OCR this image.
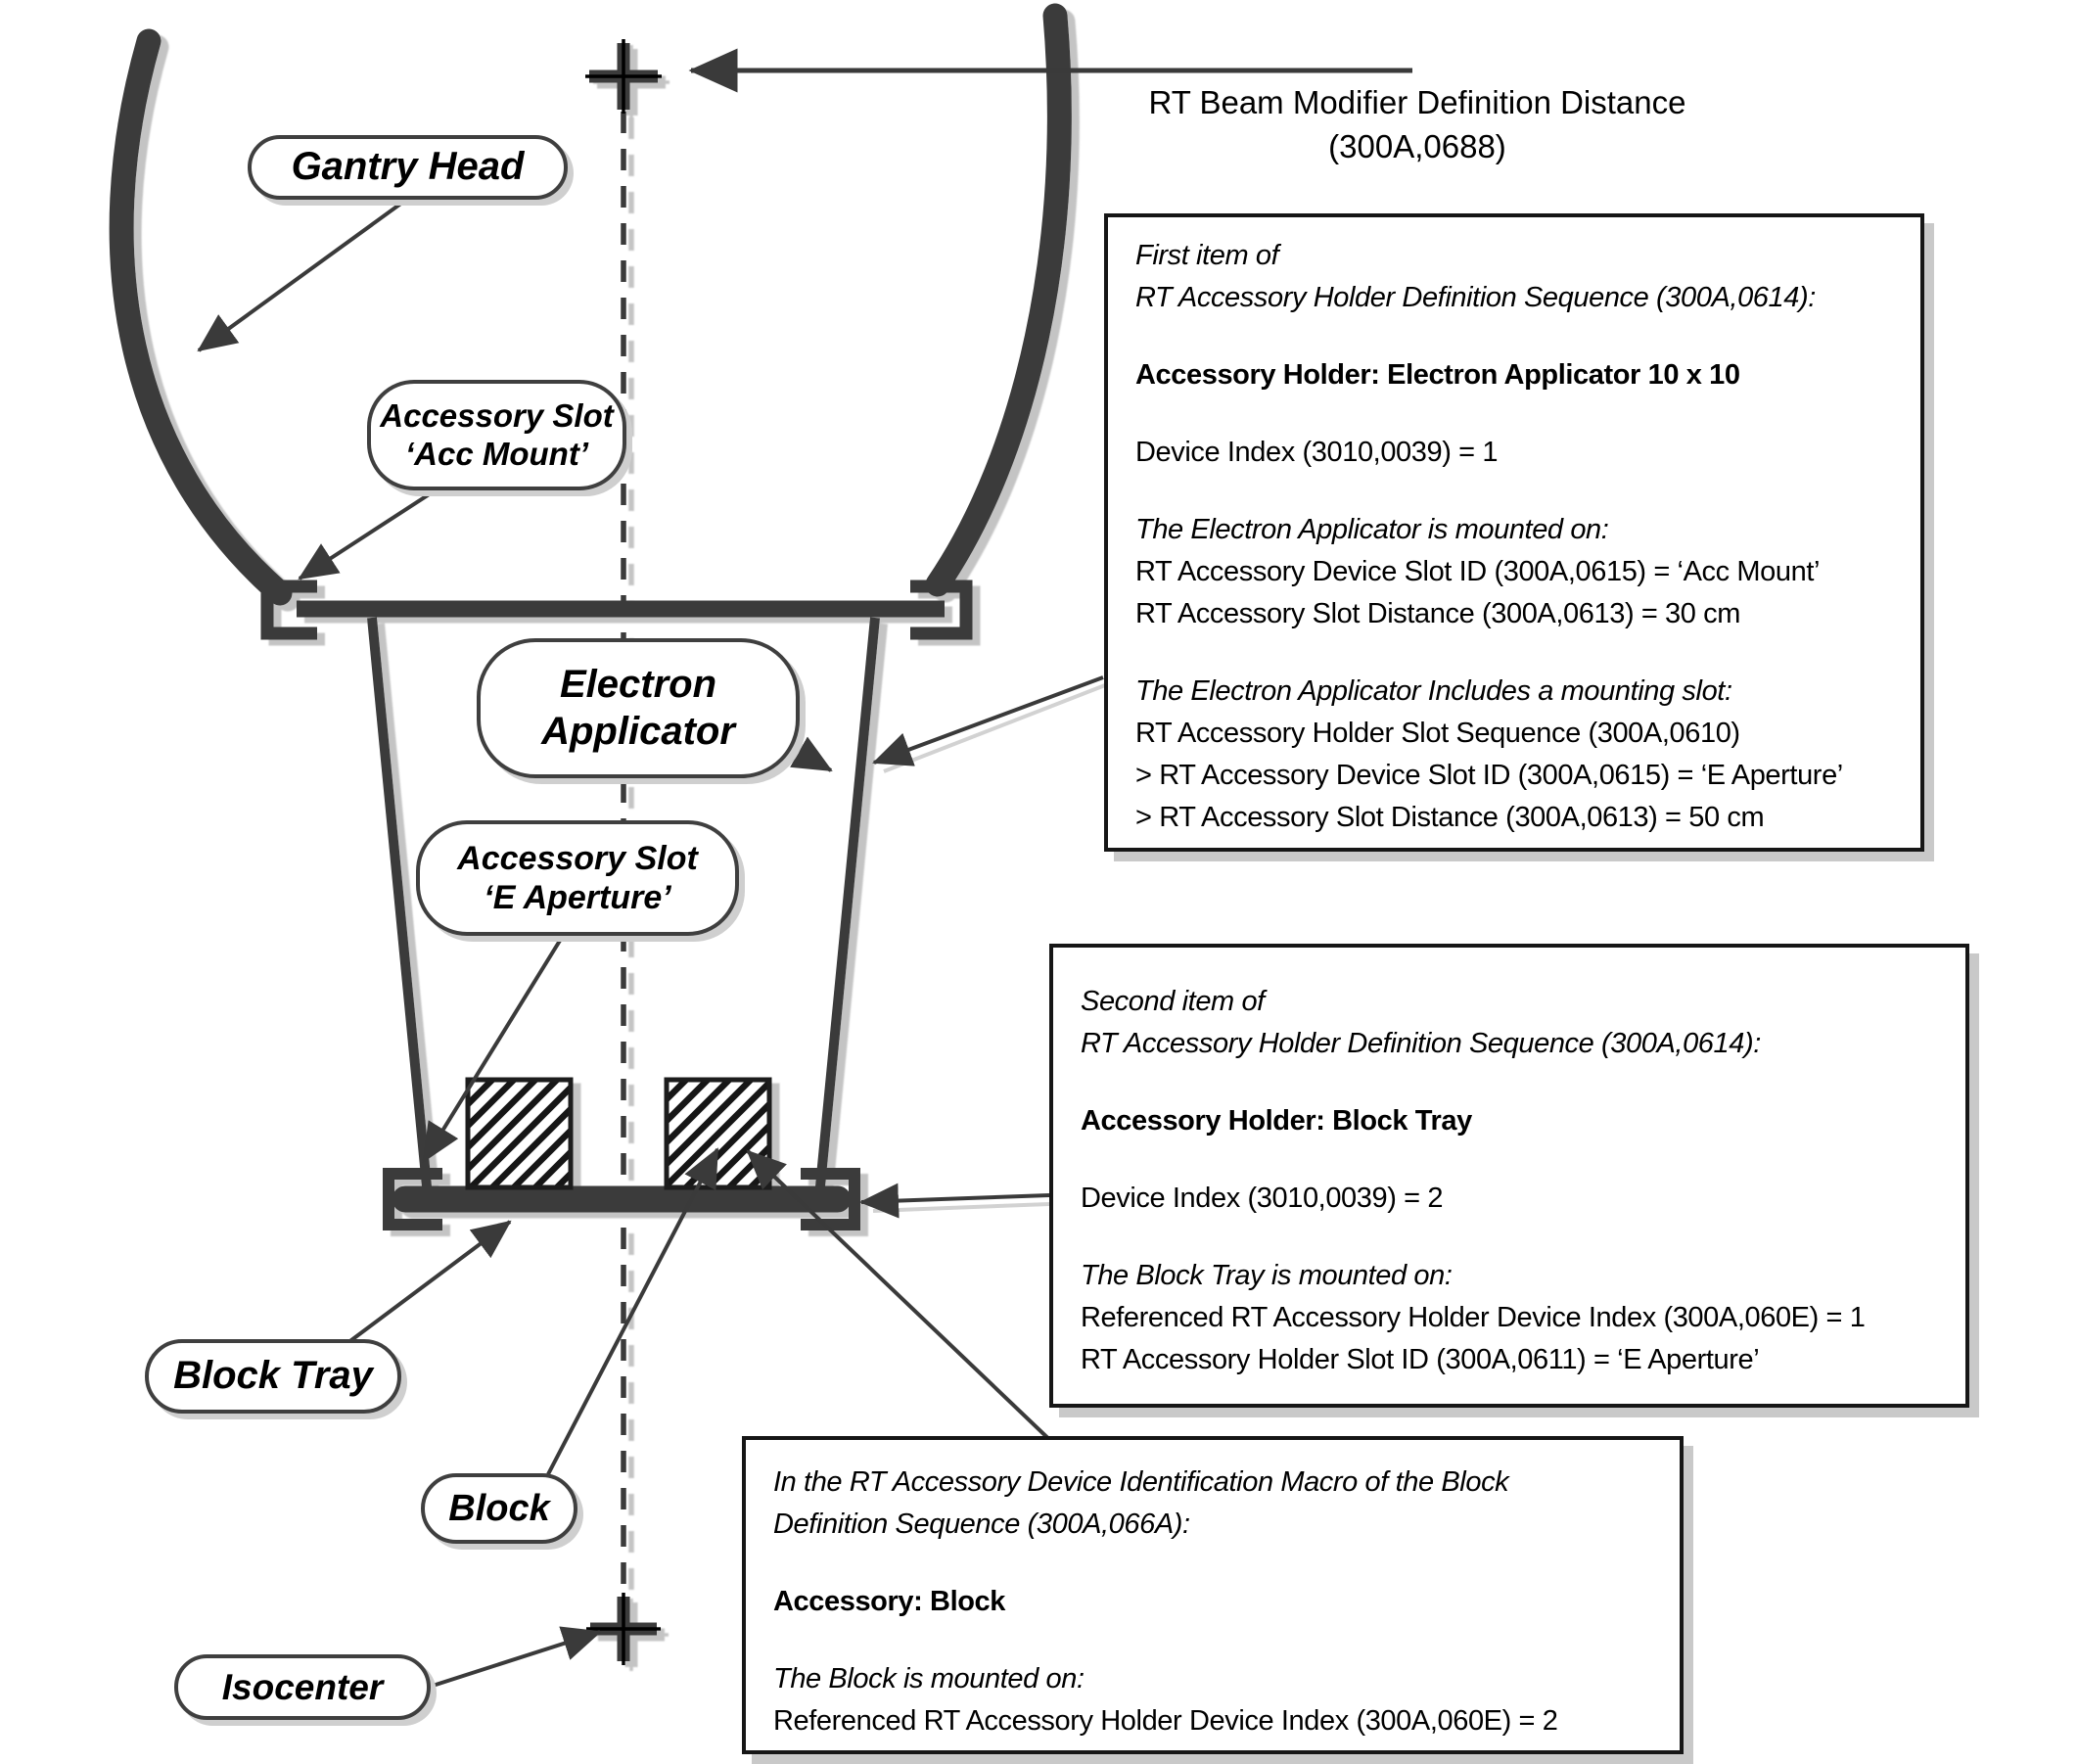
RT Beam Modifier Definition Distance
(300A,0688)
Gantry Head
Accessory Slot
‘Acc Mount’
Electron
Applicator
Accessory Slot
‘E Aperture’
Block Tray
Block
Isocenter
First item of
RT Accessory Holder Definition Sequence (300A,0614):

Accessory Holder: Electron Applicator 10 x 10

Device Index (3010,0039) = 1

The Electron Applicator is mounted on:
RT Accessory Device Slot ID (300A,0615) = ‘Acc Mount’
RT Accessory Slot Distance (300A,0613) = 30 cm

The Electron Applicator Includes a mounting slot:
RT Accessory Holder Slot Sequence (300A,0610)
> RT Accessory Device Slot ID (300A,0615) = ‘E Aperture’
> RT Accessory Slot Distance (300A,0613) = 50 cm
Second item of
RT Accessory Holder Definition Sequence (300A,0614):

Accessory Holder: Block Tray

Device Index (3010,0039) = 2

The Block Tray is mounted on:
Referenced RT Accessory Holder Device Index (300A,060E) = 1
RT Accessory Holder Slot ID (300A,0611) = ‘E Aperture’
In the RT Accessory Device Identification Macro of the Block
Definition Sequence (300A,066A):

Accessory: Block

The Block is mounted on:
Referenced RT Accessory Holder Device Index (300A,060E) = 2
